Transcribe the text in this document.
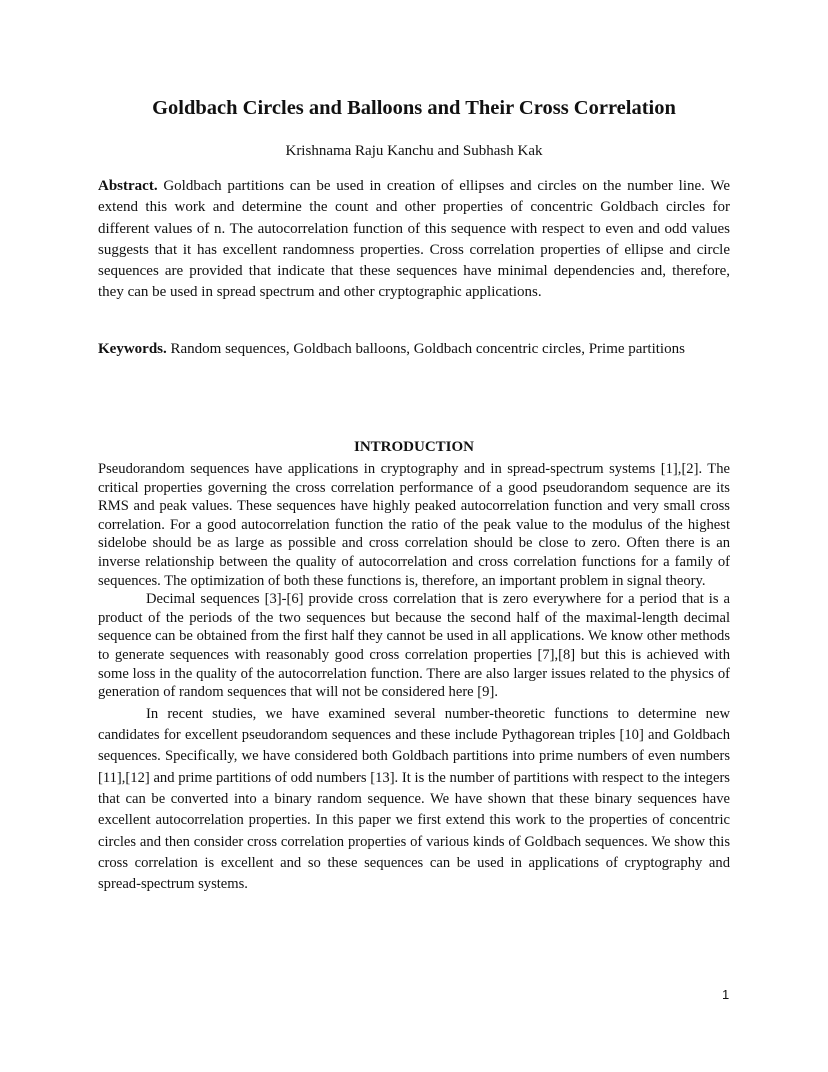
Goldbach Circles and Balloons and Their Cross Correlation

Krishnama Raju Kanchu and Subhash Kak

Abstract. Goldbach partitions can be used in creation of ellipses and circles on the number line. We extend this work and determine the count and other properties of concentric Goldbach circles for different values of n. The autocorrelation function of this sequence with respect to even and odd values suggests that it has excellent randomness properties. Cross correlation properties of ellipse and circle sequences are provided that indicate that these sequences have minimal dependencies and, therefore, they can be used in spread spectrum and other cryptographic applications.

Keywords. Random sequences, Goldbach balloons, Goldbach concentric circles, Prime partitions

INTRODUCTION

Pseudorandom sequences have applications in cryptography and in spread-spectrum systems [1],[2]. The critical properties governing the cross correlation performance of a good pseudorandom sequence are its RMS and peak values. These sequences have highly peaked autocorrelation function and very small cross correlation. For a good autocorrelation function the ratio of the peak value to the modulus of the highest sidelobe should be as large as possible and cross correlation should be close to zero. Often there is an inverse relationship between the quality of autocorrelation and cross correlation functions for a family of sequences. The optimization of both these functions is, therefore, an important problem in signal theory.

Decimal sequences [3]-[6] provide cross correlation that is zero everywhere for a period that is a product of the periods of the two sequences but because the second half of the maximal-length decimal sequence can be obtained from the first half they cannot be used in all applications. We know other methods to generate sequences with reasonably good cross correlation properties [7],[8] but this is achieved with some loss in the quality of the autocorrelation function. There are also larger issues related to the physics of generation of random sequences that will not be considered here [9].

In recent studies, we have examined several number-theoretic functions to determine new candidates for excellent pseudorandom sequences and these include Pythagorean triples [10] and Goldbach sequences. Specifically, we have considered both Goldbach partitions into prime numbers of even numbers [11],[12] and prime partitions of odd numbers [13]. It is the number of partitions with respect to the integers that can be converted into a binary random sequence. We have shown that these binary sequences have excellent autocorrelation properties. In this paper we first extend this work to the properties of concentric circles and then consider cross correlation properties of various kinds of Goldbach sequences. We show this cross correlation is excellent and so these sequences can be used in applications of cryptography and spread-spectrum systems.

1
